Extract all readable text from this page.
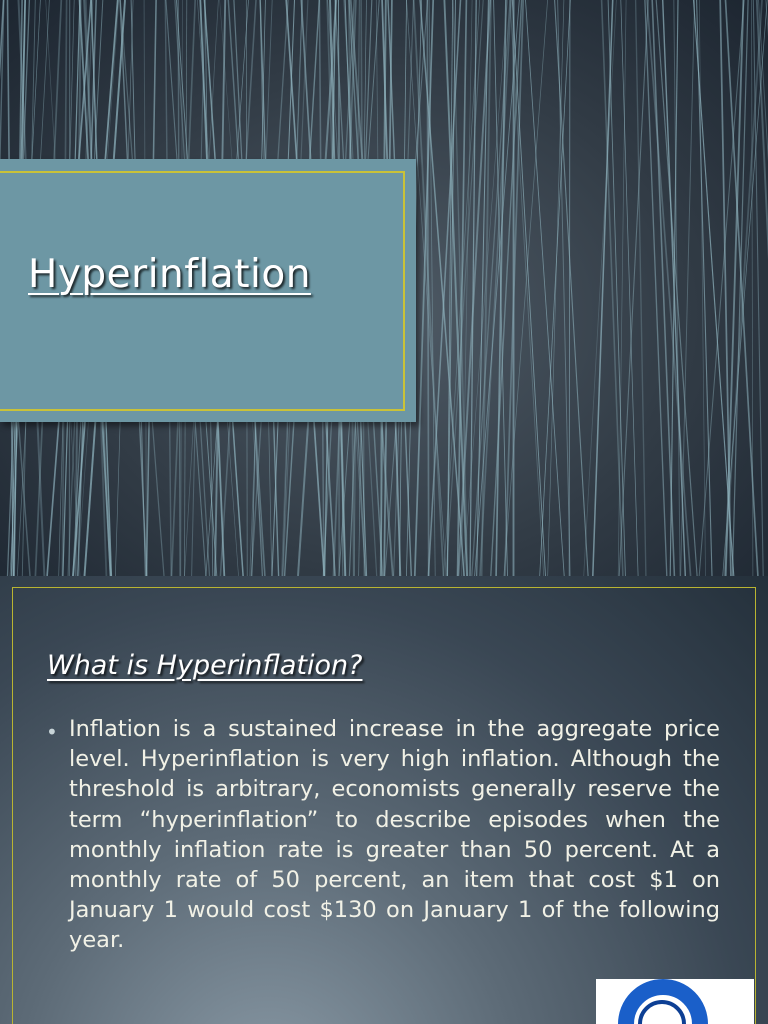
Hyperinflation
What is Hyperinflation?
• Inflation is a sustained increase in the aggregate price level. Hyperinflation is very high inflation. Although the threshold is arbitrary, economists generally reserve the term “hyperinflation” to describe episodes when the monthly inflation rate is greater than 50 percent. At a monthly rate of 50 percent, an item that cost $1 on January 1 would cost $130 on January 1 of the following year.
